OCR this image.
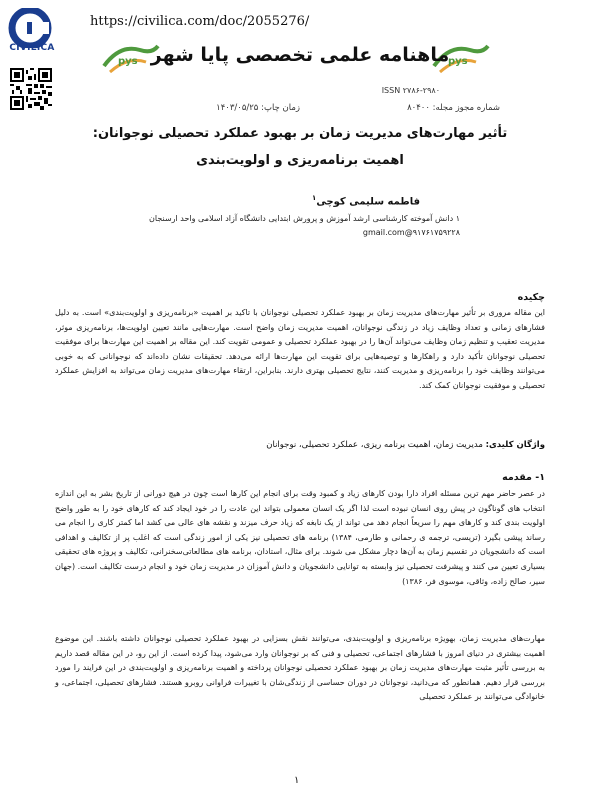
CIVILICA
https://civilica.com/doc/2055276/
pys	pys
ماهنامه علمی تخصصی پایا شهر
ISSN ۲۷۸۶-۲۹۸۰
شماره مجوز مجله: ۸۰۴۰۰
زمان چاپ: ۱۴۰۳/۰۵/۲۵
تأثیر مهارت‌های مدیریت زمان بر بهبود عملکرد تحصیلی نوجوانان: اهمیت برنامه‌ریزی و اولویت‌بندی
فاطمه سلیمی کوچی$^۱$
۱ دانش آموخته کارشناسی ارشد آموزش و پرورش ابتدایی دانشگاه آزاد اسلامی واحد ارسنجان
۹۱۷۶۱۷۵۹۲۲۸@gmail.com
چکیده
این مقاله مروری بر تأثیر مهارت‌های مدیریت زمان بر بهبود عملکرد تحصیلی نوجوانان با تاکید بر اهمیت «برنامه‌ریزی و اولویت‌بندی» است. به دلیل فشارهای زمانی و تعداد وظایف زیاد در زندگی نوجوانان، اهمیت مدیریت زمان واضح است. مهارت‌هایی مانند تعیین اولویت‌ها، برنامه‌ریزی موثر، مدیریت تعقیب و تنظیم زمان وظایف می‌تواند آن‌ها را در بهبود عملکرد تحصیلی و عمومی تقویت کند. این مقاله بر اهمیت این مهارت‌ها برای موفقیت تحصیلی نوجوانان تأکید دارد و راهکارها و توصیه‌هایی برای تقویت این مهارت‌ها ارائه می‌دهد. تحقیقات نشان داده‌اند که نوجوانانی که به خوبی می‌توانند وظایف خود را برنامه‌ریزی و مدیریت کنند، نتایج تحصیلی بهتری دارند. بنابراین، ارتقاء مهارت‌های مدیریت زمان می‌تواند به افزایش عملکرد تحصیلی و موفقیت نوجوانان کمک کند.
واژگان کلیدی: مدیریت زمان، اهمیت برنامه ریزی، عملکرد تحصیلی، نوجوانان
۱- مقدمه
در عصر حاضر مهم ترین مسئله افراد دارا بودن کارهای زیاد و کمبود وقت برای انجام این کارها است چون در هیچ دورانی از تاریخ بشر به این اندازه انتخاب های گوناگون در پیش روی انسان نبوده است لذا اگر یک انسان معمولی بتواند این عادت را در خود ایجاد کند که کارهای خود را به طور واضح اولویت بندی کند و کارهای مهم را سریعاً انجام دهد می تواند از یک نابغه که زیاد حرف میزند و نقشه های عالی می کشد اما کمتر کاری را انجام می رساند پیشی بگیرد (تریسی، ترجمه ی رحمانی و طارمی، ۱۳۸۴) برنامه های تحصیلی نیز یکی از امور زندگی است که اغلب پر از تکالیف و اهدافی است که دانشجویان در تقسیم زمان به آن‌ها دچار مشکل می شوند. برای مثال، استادان، برنامه های مطالعاتی‌سخنرانی، تکالیف و پروژه های تحقیقی بسیاری تعیین می کنند و پیشرفت تحصیلی نیز وابسته به توانایی دانشجویان و دانش آموزان در مدیریت زمان خود و انجام درست تکالیف است. (جهان سیر، صالح زاده، وثاقی، موسوی فر، ۱۳۸۶)
مهارت‌های مدیریت زمان، بهویژه برنامه‌ریزی و اولویت‌بندی، می‌توانند نقش بسزایی در بهبود عملکرد تحصیلی نوجوانان داشته باشند. این موضوع اهمیت بیشتری در دنیای امروز با فشارهای اجتماعی، تحصیلی و فنی که بر نوجوانان وارد می‌شود، پیدا کرده است. از این رو، در این مقاله قصد داریم به بررسی تأثیر مثبت مهارت‌های مدیریت زمان بر بهبود عملکرد تحصیلی نوجوانان پرداخته و اهمیت برنامه‌ریزی و اولویت‌بندی در این فرایند را مورد بررسی قرار دهیم. همانطور که می‌دانید، نوجوانان در دوران حساسی از زندگی‌شان با تغییرات فراوانی روبرو هستند. فشارهای تحصیلی، اجتماعی، و خانوادگی می‌توانند بر عملکرد تحصیلی
۱
